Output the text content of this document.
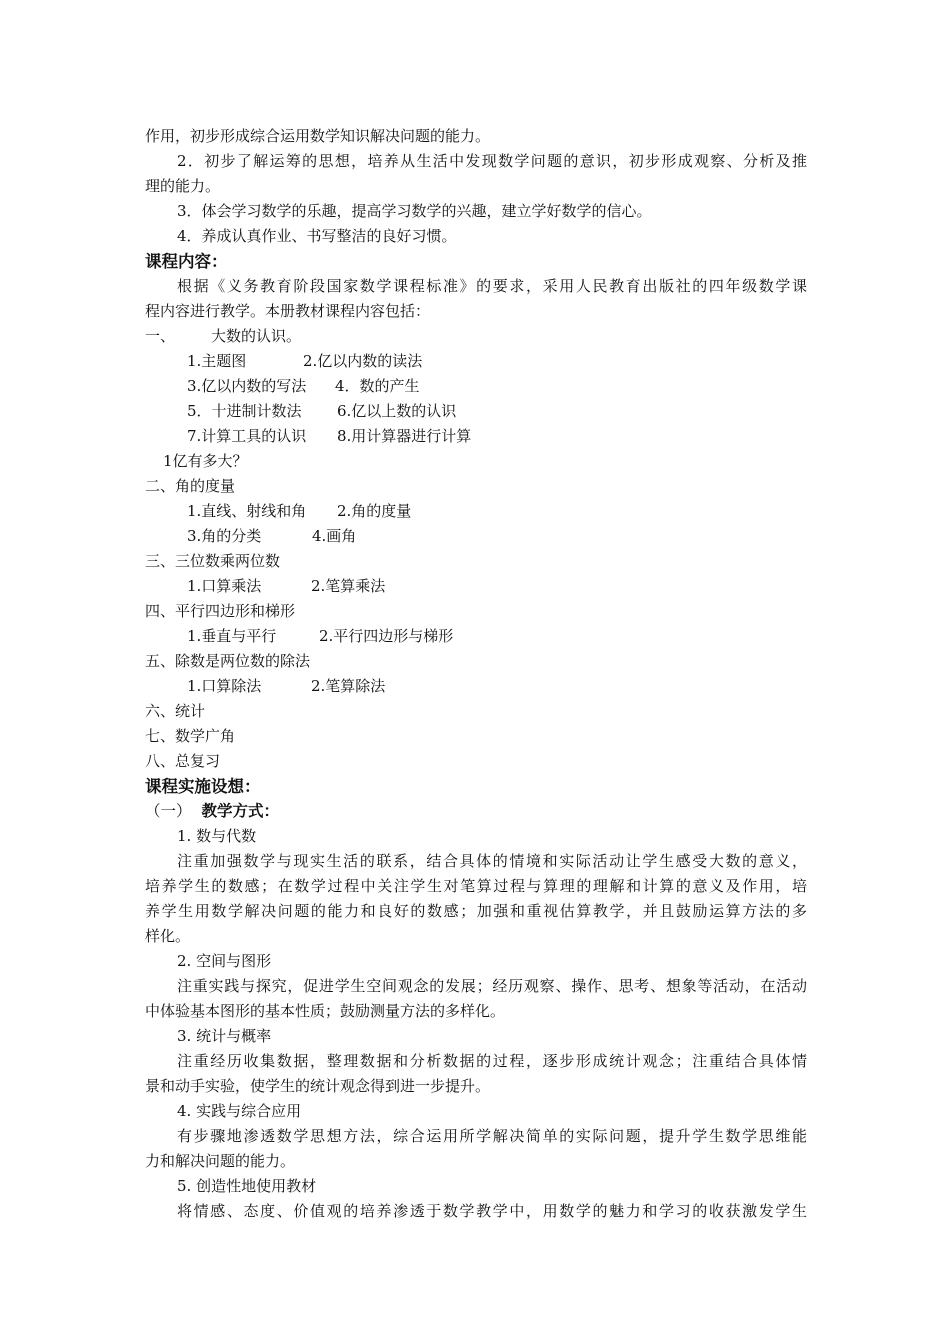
作用，初步形成综合运用数学知识解决问题的能力。
2．初步了解运筹的思想，培养从生活中发现数学问题的意识，初步形成观察、分析及推
理的能力。
3．体会学习数学的乐趣，提高学习数学的兴趣，建立学好数学的信心。
4．养成认真作业、书写整洁的良好习惯。
课程内容：
根据《义务教育阶段国家数学课程标准》的要求，采用人民教育出版社的四年级数学课
程内容进行教学。本册教材课程内容包括：
一、 大数的认识。
1.主题图	2.亿以内数的读法
3.亿以内数的写法 4．数的产生
5．十进制计数法 6.亿以上数的认识
7.计算工具的认识 8.用计算器进行计算
1亿有多大？
二、角的度量
1.直线、射线和角 2.角的度量
3.角的分类	4.画角
三、三位数乘两位数
1.口算乘法	2.笔算乘法
四、平行四边形和梯形
1.垂直与平行	2.平行四边形与梯形
五、除数是两位数的除法
1.口算除法	2.笔算除法
六、统计
七、数学广角
八、总复习
课程实施设想：
（一） 教学方式：
1. 数与代数
注重加强数学与现实生活的联系，结合具体的情境和实际活动让学生感受大数的意义，
培养学生的数感；在数学过程中关注学生对笔算过程与算理的理解和计算的意义及作用，培
养学生用数学解决问题的能力和良好的数感；加强和重视估算教学，并且鼓励运算方法的多
样化。
2. 空间与图形
注重实践与探究，促进学生空间观念的发展；经历观察、操作、思考、想象等活动，在活动
中体验基本图形的基本性质；鼓励测量方法的多样化。
3. 统计与概率
注重经历收集数据，整理数据和分析数据的过程，逐步形成统计观念；注重结合具体情
景和动手实验，使学生的统计观念得到进一步提升。
4. 实践与综合应用
有步骤地渗透数学思想方法，综合运用所学解决简单的实际问题，提升学生数学思维能
力和解决问题的能力。
5. 创造性地使用教材
将情感、态度、价值观的培养渗透于数学教学中，用数学的魅力和学习的收获激发学生
